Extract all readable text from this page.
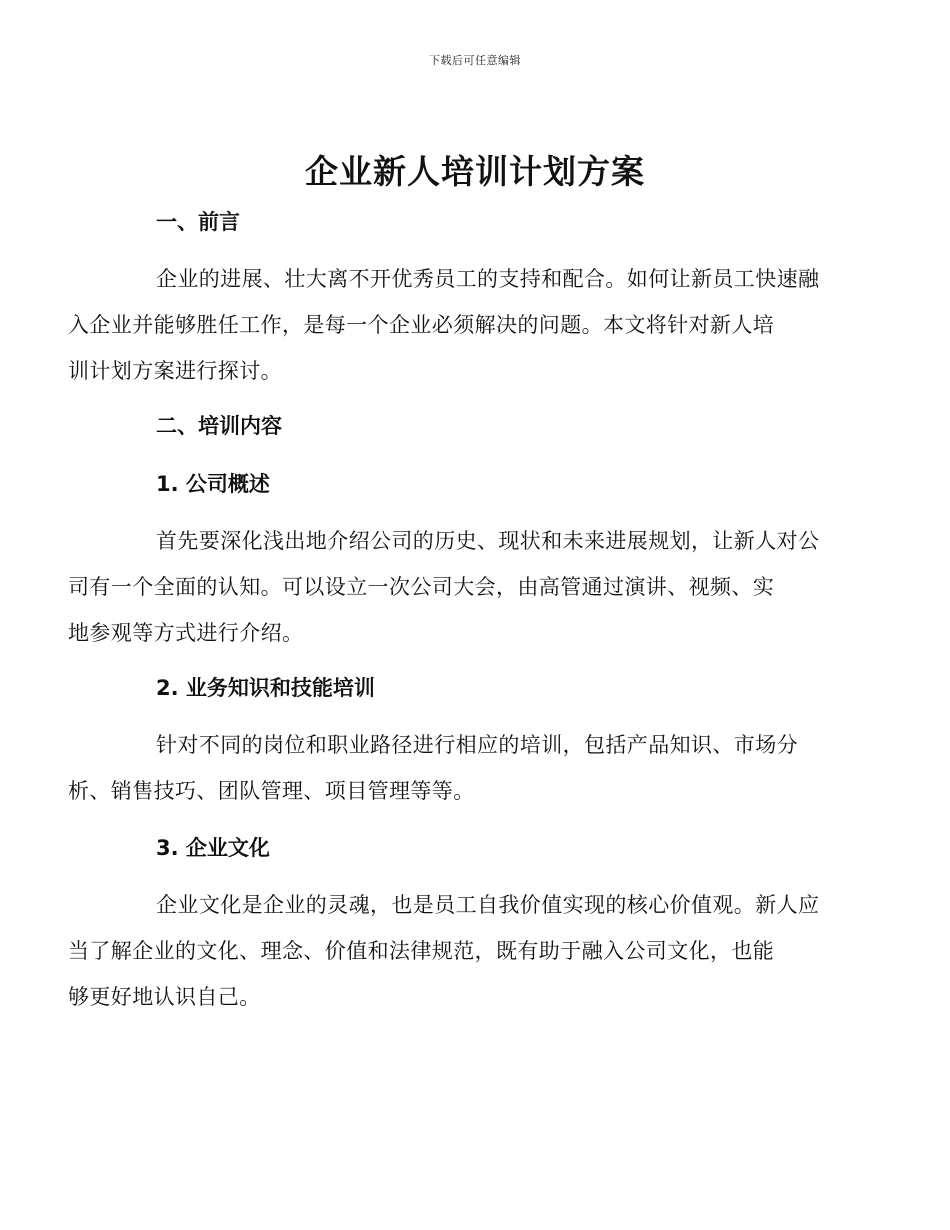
下载后可任意编辑
企业新人培训计划方案
一、前言
企业的进展、壮大离不开优秀员工的支持和配合。如何让新员工快速融
入企业并能够胜任工作，是每一个企业必须解决的问题。本文将针对新人培
训计划方案进行探讨。
二、培训内容
1. 公司概述
首先要深化浅出地介绍公司的历史、现状和未来进展规划，让新人对公
司有一个全面的认知。可以设立一次公司大会，由高管通过演讲、视频、实
地参观等方式进行介绍。
2. 业务知识和技能培训
针对不同的岗位和职业路径进行相应的培训，包括产品知识、市场分
析、销售技巧、团队管理、项目管理等等。
3. 企业文化
企业文化是企业的灵魂，也是员工自我价值实现的核心价值观。新人应
当了解企业的文化、理念、价值和法律规范，既有助于融入公司文化，也能
够更好地认识自己。
